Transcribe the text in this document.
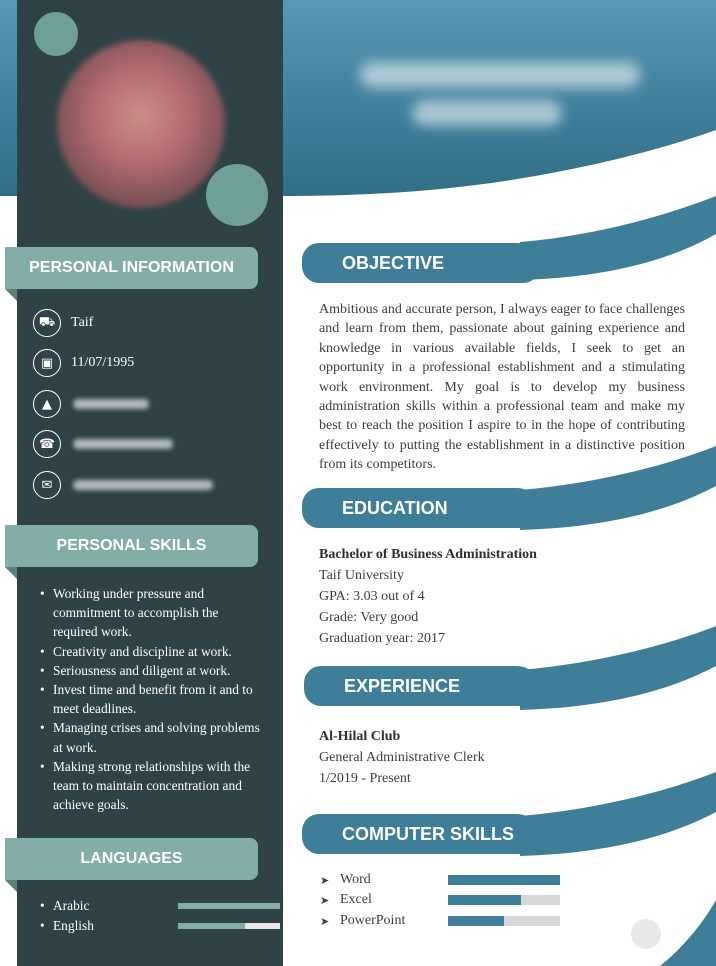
PERSONAL INFORMATION
⛟	Taif
▣	11/07/1995
▲
☎
✉
PERSONAL SKILLS
• Working under pressure and commitment to accomplish the required work.
• Creativity and discipline at work.
• Seriousness and diligent at work.
• Invest time and benefit from it and to meet deadlines.
• Managing crises and solving problems at work.
• Making strong relationships with the team to maintain concentration and achieve goals.
LANGUAGES
• Arabic
• English
OBJECTIVE
Ambitious and accurate person, I always eager to face challenges and learn from them, passionate about gaining experience and knowledge in various available fields, I seek to get an opportunity in a professional establishment and a stimulating work environment. My goal is to develop my business administration skills within a professional team and make my best to reach the position I aspire to in the hope of contributing effectively to putting the establishment in a distinctive position from its competitors.
EDUCATION
Bachelor of Business Administration
Taif University
GPA: 3.03 out of 4
Grade: Very good
Graduation year: 2017
EXPERIENCE
Al-Hilal Club
General Administrative Clerk
1/2019 - Present
COMPUTER SKILLS
➤ Word
➤ Excel
➤ PowerPoint
